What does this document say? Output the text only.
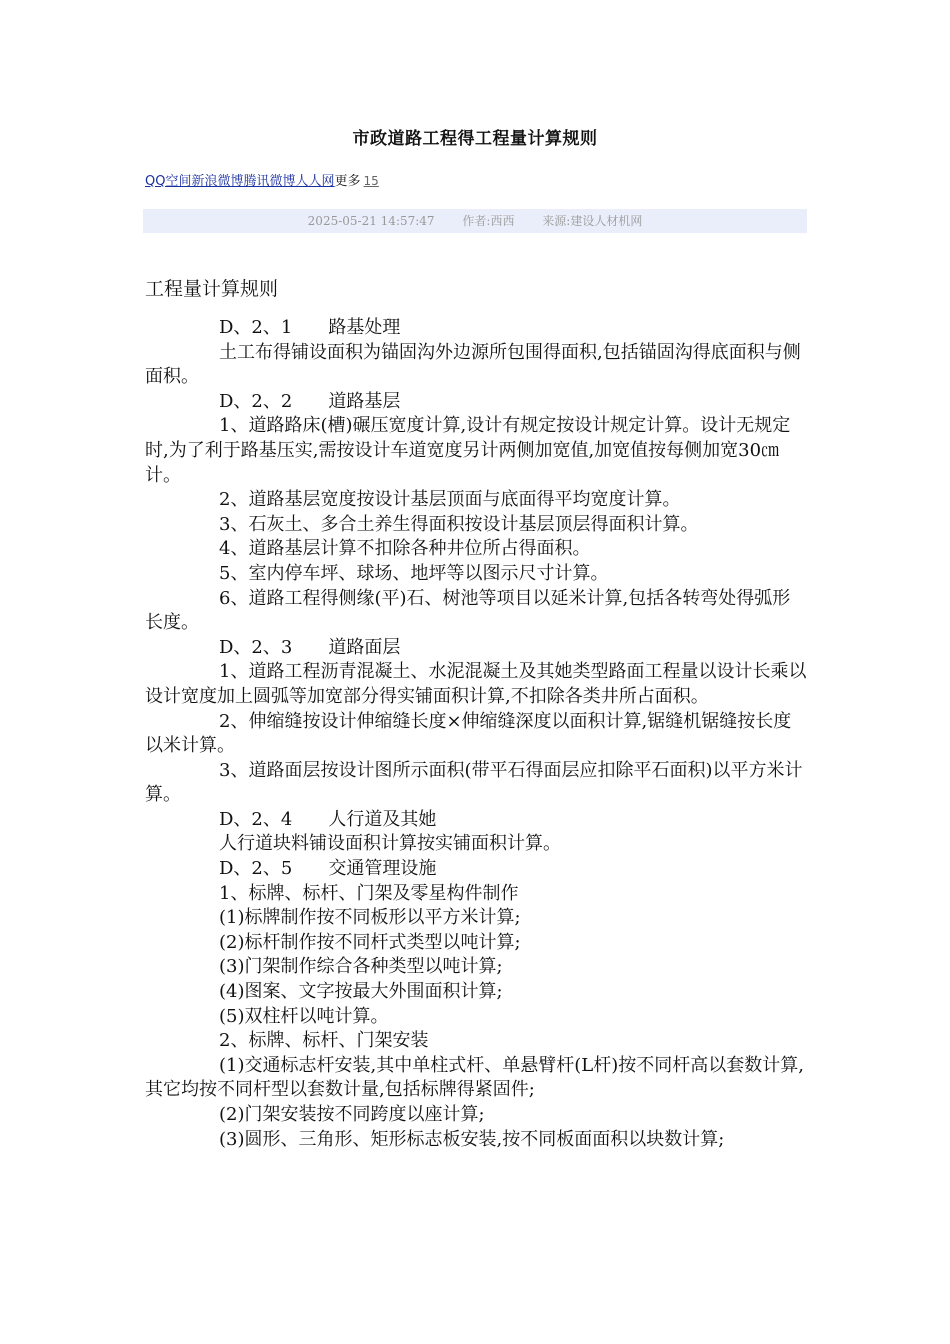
市政道路工程得工程量计算规则
QQ空间新浪微博腾讯微博人人网更多 15
2025-05-21 14:57:47 作者:西西 来源:建设人材机网
工程量计算规则

D、2、1 路基处理

土工布得铺设面积为锚固沟外边源所包围得面积,包括锚固沟得底面积与侧面积。

D、2、2 道路基层

1、道路路床(槽)碾压宽度计算,设计有规定按设计规定计算。设计无规定时,为了利于路基压实,需按设计车道宽度另计两侧加宽值,加宽值按每侧加宽30㎝计。

2、道路基层宽度按设计基层顶面与底面得平均宽度计算。

3、石灰土、多合土养生得面积按设计基层顶层得面积计算。

4、道路基层计算不扣除各种井位所占得面积。

5、室内停车坪、球场、地坪等以图示尺寸计算。

6、道路工程得侧缘(平)石、树池等项目以延米计算,包括各转弯处得弧形长度。

D、2、3 道路面层

1、道路工程沥青混凝土、水泥混凝土及其她类型路面工程量以设计长乘以设计宽度加上圆弧等加宽部分得实铺面积计算,不扣除各类井所占面积。

2、伸缩缝按设计伸缩缝长度×伸缩缝深度以面积计算,锯缝机锯缝按长度以米计算。

3、道路面层按设计图所示面积(带平石得面层应扣除平石面积)以平方米计算。

D、2、4 人行道及其她

人行道块料铺设面积计算按实铺面积计算。

D、2、5 交通管理设施

1、标牌、标杆、门架及零星构件制作

(1)标牌制作按不同板形以平方米计算;

(2)标杆制作按不同杆式类型以吨计算;

(3)门架制作综合各种类型以吨计算;

(4)图案、文字按最大外围面积计算;

(5)双柱杆以吨计算。

2、标牌、标杆、门架安装

(1)交通标志杆安装,其中单柱式杆、单悬臂杆(L杆)按不同杆高以套数计算,其它均按不同杆型以套数计量,包括标牌得紧固件;

(2)门架安装按不同跨度以座计算;

(3)圆形、三角形、矩形标志板安装,按不同板面面积以块数计算;
